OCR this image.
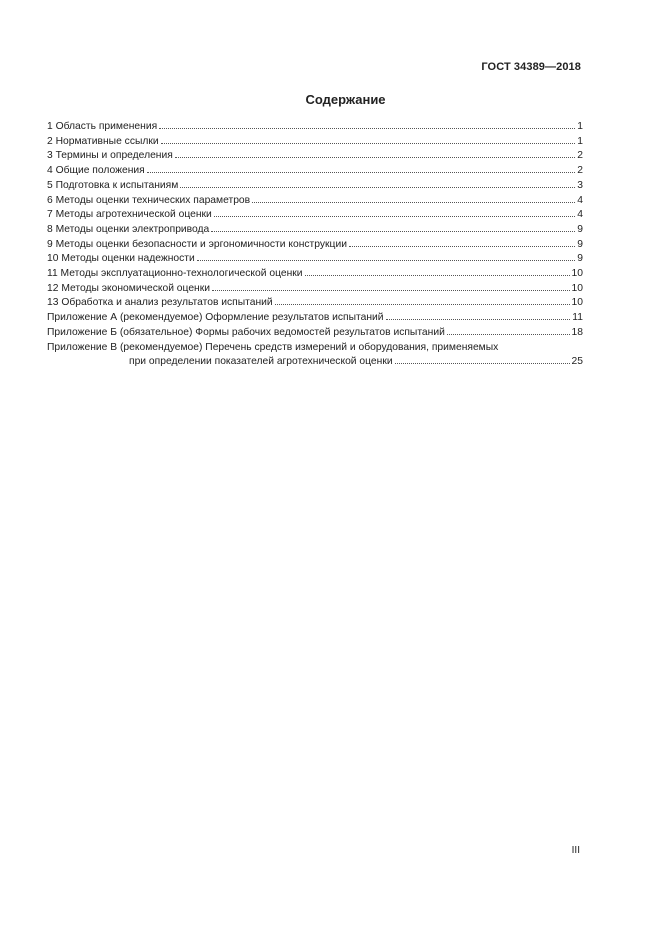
ГОСТ 34389—2018
Содержание
1 Область применения	1
2 Нормативные ссылки	1
3 Термины и определения	2
4 Общие положения	2
5 Подготовка к испытаниям	3
6 Методы оценки технических параметров	4
7 Методы агротехнической оценки	4
8 Методы оценки электропривода	9
9 Методы оценки безопасности и эргономичности конструкции	9
10 Методы оценки надежности	9
11 Методы эксплуатационно-технологической оценки	10
12 Методы экономической оценки	10
13 Обработка и анализ результатов испытаний	10
Приложение А (рекомендуемое) Оформление результатов испытаний	11
Приложение Б (обязательное) Формы рабочих ведомостей результатов испытаний	18
Приложение В (рекомендуемое) Перечень средств измерений и оборудования, применяемых
при определении показателей агротехнической оценки	25
III
